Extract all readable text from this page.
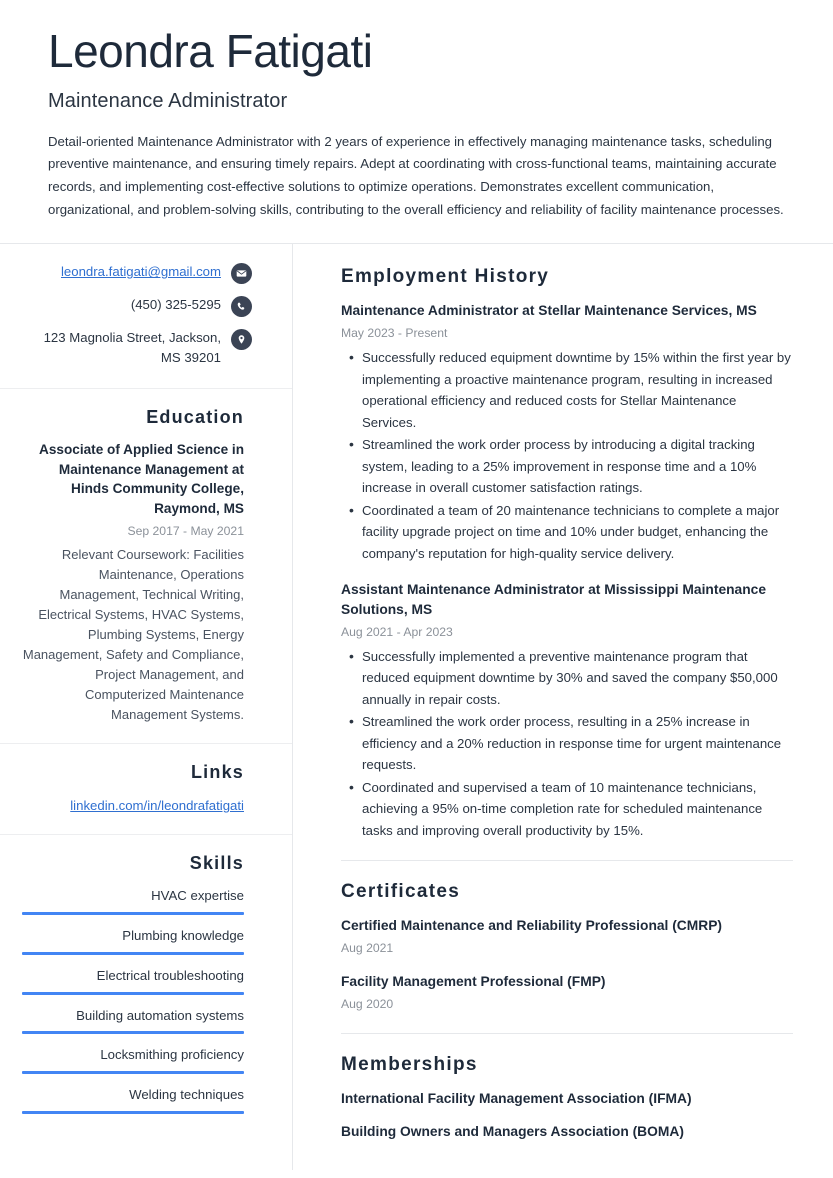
Leondra Fatigati
Maintenance Administrator

Detail-oriented Maintenance Administrator with 2 years of experience in effectively managing maintenance tasks, scheduling preventive maintenance, and ensuring timely repairs. Adept at coordinating with cross-functional teams, maintaining accurate records, and implementing cost-effective solutions to optimize operations. Demonstrates excellent communication, organizational, and problem-solving skills, contributing to the overall efficiency and reliability of facility maintenance processes.

leondra.fatigati@gmail.com
(450) 325-5295
123 Magnolia Street, Jackson, MS 39201
Education
Associate of Applied Science in Maintenance Management at Hinds Community College, Raymond, MS
Sep 2017 - May 2021
Relevant Coursework: Facilities Maintenance, Operations Management, Technical Writing, Electrical Systems, HVAC Systems, Plumbing Systems, Energy Management, Safety and Compliance, Project Management, and Computerized Maintenance Management Systems.
Links
linkedin.com/in/leondrafatigati
Skills
HVAC expertise
Plumbing knowledge
Electrical troubleshooting
Building automation systems
Locksmithing proficiency
Welding techniques
Employment History
Maintenance Administrator at Stellar Maintenance Services, MS
May 2023 - Present
• Successfully reduced equipment downtime by 15% within the first year by implementing a proactive maintenance program, resulting in increased operational efficiency and reduced costs for Stellar Maintenance Services.
• Streamlined the work order process by introducing a digital tracking system, leading to a 25% improvement in response time and a 10% increase in overall customer satisfaction ratings.
• Coordinated a team of 20 maintenance technicians to complete a major facility upgrade project on time and 10% under budget, enhancing the company's reputation for high-quality service delivery.
Assistant Maintenance Administrator at Mississippi Maintenance Solutions, MS
Aug 2021 - Apr 2023
• Successfully implemented a preventive maintenance program that reduced equipment downtime by 30% and saved the company $50,000 annually in repair costs.
• Streamlined the work order process, resulting in a 25% increase in efficiency and a 20% reduction in response time for urgent maintenance requests.
• Coordinated and supervised a team of 10 maintenance technicians, achieving a 95% on-time completion rate for scheduled maintenance tasks and improving overall productivity by 15%.
Certificates
Certified Maintenance and Reliability Professional (CMRP)
Aug 2021
Facility Management Professional (FMP)
Aug 2020
Memberships
International Facility Management Association (IFMA)
Building Owners and Managers Association (BOMA)
